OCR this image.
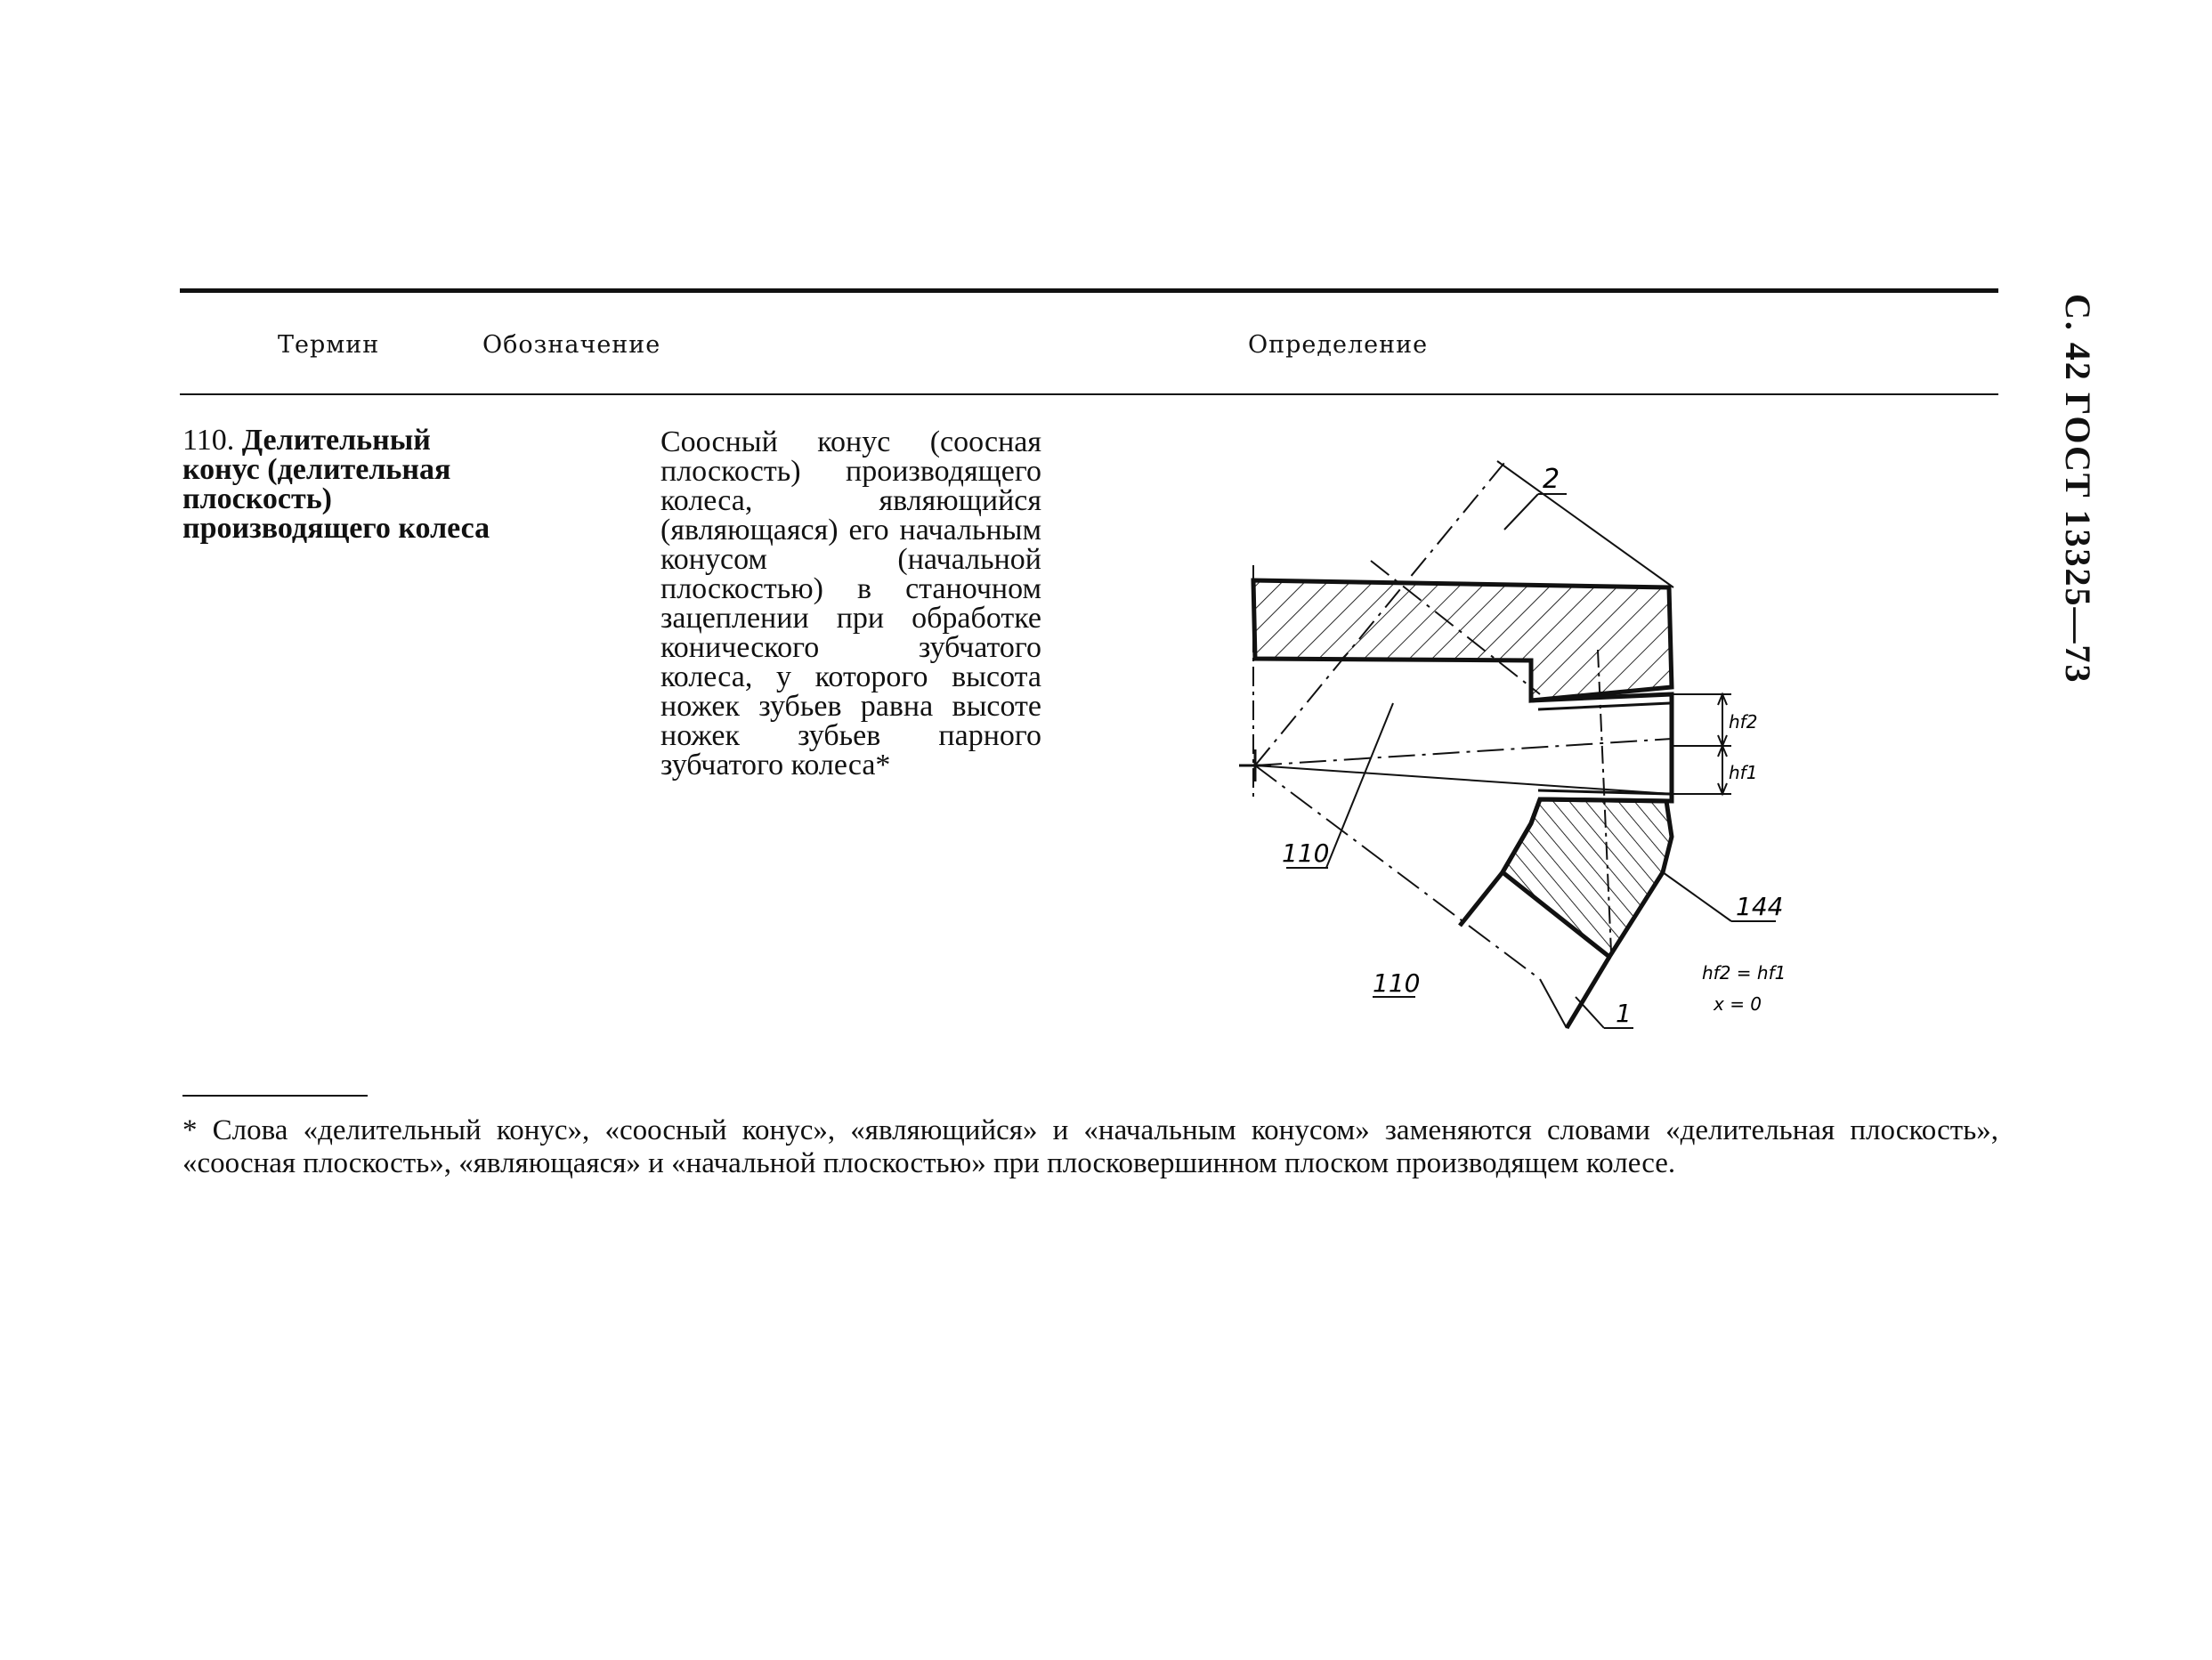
С. 42 ГОСТ 13325—73
Термин	Обозначение	Определение
110. Делительный конус (делительная плоскость) производящего колеса
Соосный конус (соосная плоскость) производящего колеса, являющийся (являющаяся) его начальным конусом (начальной плоскостью) в станочном зацеплении при обработке конического зубчатого колеса, у которого высота ножек зубьев равна высоте ножек зубьев парного зубчатого колеса*
2
110
110
144
1
hf2
hf1
hf2 = hf1
x = 0
* Слова «делительный конус», «соосный конус», «являющийся» и «начальным конусом» заменяются словами «делительная плоскость», «соосная плоскость», «являющаяся» и «начальной плоскостью» при плосковершинном плоском производящем колесе.
